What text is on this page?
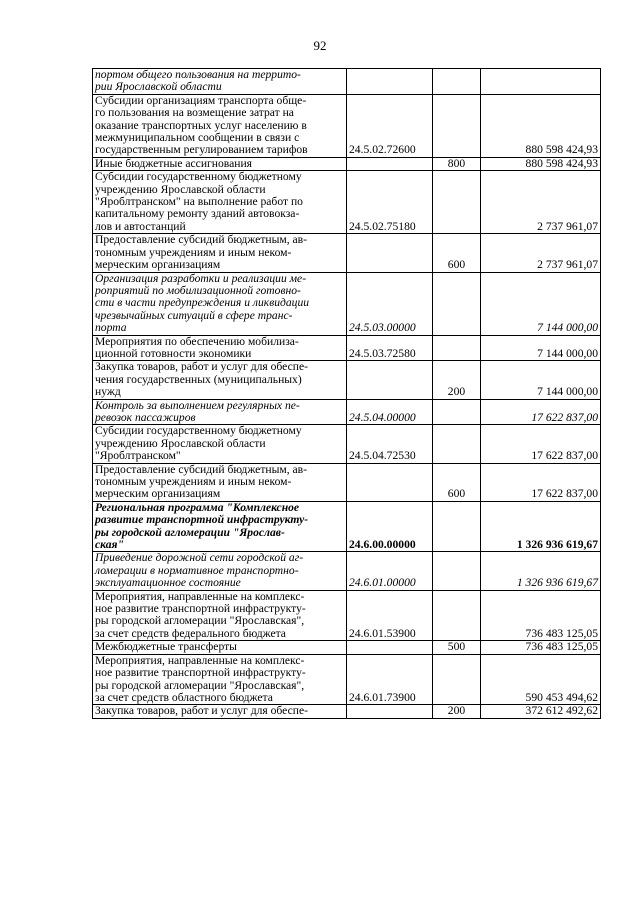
92
портом общего пользования на террито-
рии Ярославской области			
Субсидии организациям транспорта обще-
го пользования на возмещение затрат на
оказание транспортных услуг населению в
межмуниципальном сообщении в связи с
государственным регулированием тарифов	24.5.02.72600		880 598 424,93
Иные бюджетные ассигнования		800	880 598 424,93
Субсидии государственному бюджетному
учреждению Ярославской области
"Яроблтранском" на выполнение работ по
капитальному ремонту зданий автовокза-
лов и автостанций	24.5.02.75180		2 737 961,07
Предоставление субсидий бюджетным, ав-
тономным учреждениям и иным неком-
мерческим организациям		600	2 737 961,07
Организация разработки и реализации ме-
роприятий по мобилизационной готовно-
сти в части предупреждения и ликвидации
чрезвычайных ситуаций в сфере транс-
порта	24.5.03.00000		7 144 000,00
Мероприятия по обеспечению мобилиза-
ционной готовности экономики	24.5.03.72580		7 144 000,00
Закупка товаров, работ и услуг для обеспе-
чения государственных (муниципальных)
нужд		200	7 144 000,00
Контроль за выполнением регулярных пе-
ревозок пассажиров	24.5.04.00000		17 622 837,00
Субсидии государственному бюджетному
учреждению Ярославской области
"Яроблтранском"	24.5.04.72530		17 622 837,00
Предоставление субсидий бюджетным, ав-
тономным учреждениям и иным неком-
мерческим организациям		600	17 622 837,00
Региональная программа "Комплексное
развитие транспортной инфраструкту-
ры городской агломерации "Ярослав-
ская"	24.6.00.00000		1 326 936 619,67
Приведение дорожной сети городской аг-
ломерации в нормативное транспортно-
эксплуатационное состояние	24.6.01.00000		1 326 936 619,67
Мероприятия, направленные на комплекс-
ное развитие транспортной инфраструкту-
ры городской агломерации "Ярославская",
за счет средств федерального бюджета	24.6.01.53900		736 483 125,05
Межбюджетные трансферты		500	736 483 125,05
Мероприятия, направленные на комплекс-
ное развитие транспортной инфраструкту-
ры городской агломерации "Ярославская",
за счет средств областного бюджета	24.6.01.73900		590 453 494,62
Закупка товаров, работ и услуг для обеспе-		200	372 612 492,62
